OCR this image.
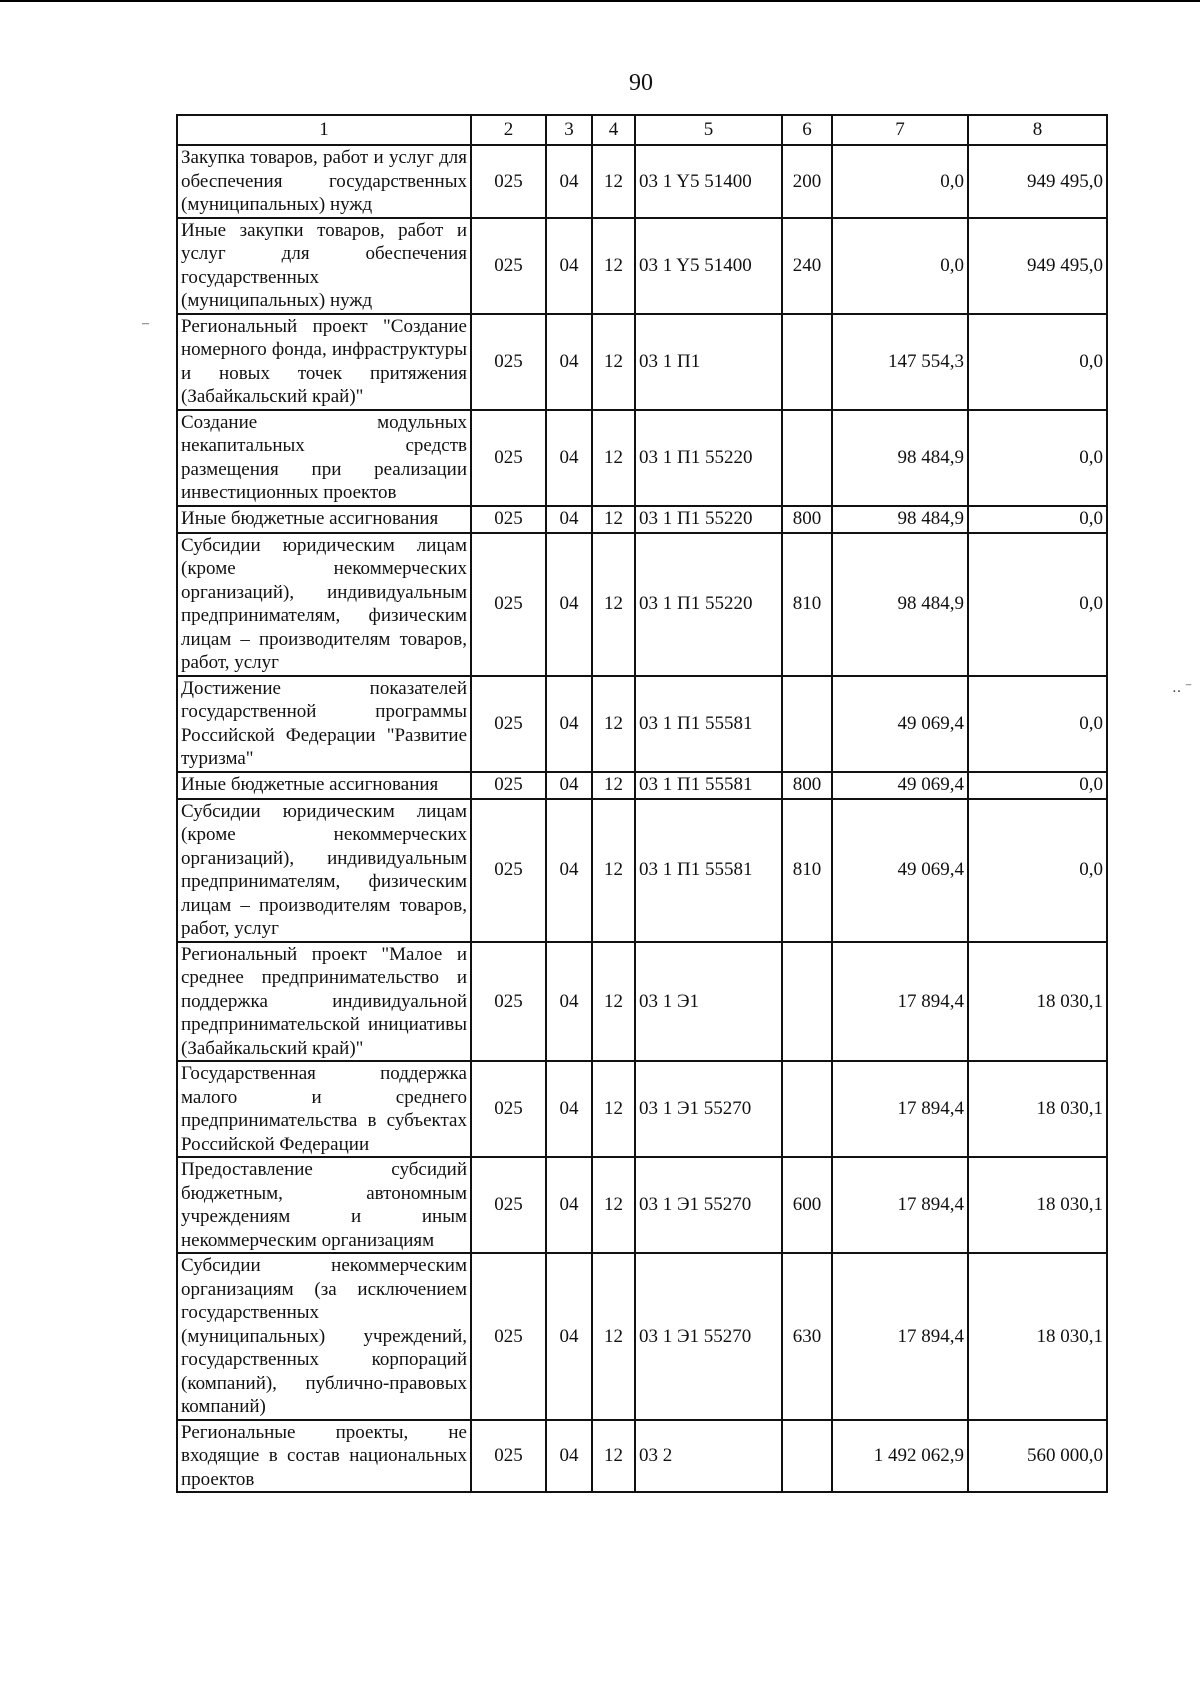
90
1	2	3	4	5	6	7	8
Закупка товаров, работ и услуг для обеспечения государственных (муниципальных) нужд	025	04	12	03 1 Y5 51400	200	0,0	949 495,0
Иные закупки товаров, работ и услуг для обеспечения государственных (муниципальных) нужд	025	04	12	03 1 Y5 51400	240	0,0	949 495,0
Региональный проект "Создание номерного фонда, инфраструктуры и новых точек притяжения (Забайкальский край)"	025	04	12	03 1 П1		147 554,3	0,0
Создание модульных некапитальных средств размещения при реализации инвестиционных проектов	025	04	12	03 1 П1 55220		98 484,9	0,0
Иные бюджетные ассигнования	025	04	12	03 1 П1 55220	800	98 484,9	0,0
Субсидии юридическим лицам (кроме некоммерческих организаций), индивидуальным предпринимателям, физическим лицам – производителям товаров, работ, услуг	025	04	12	03 1 П1 55220	810	98 484,9	0,0
Достижение показателей государственной программы Российской Федерации "Развитие туризма"	025	04	12	03 1 П1 55581		49 069,4	0,0
Иные бюджетные ассигнования	025	04	12	03 1 П1 55581	800	49 069,4	0,0
Субсидии юридическим лицам (кроме некоммерческих организаций), индивидуальным предпринимателям, физическим лицам – производителям товаров, работ, услуг	025	04	12	03 1 П1 55581	810	49 069,4	0,0
Региональный проект "Малое и среднее предпринимательство и поддержка индивидуальной предпринимательской инициативы (Забайкальский край)"	025	04	12	03 1 Э1		17 894,4	18 030,1
Государственная поддержка малого и среднего предпринимательства в субъектах Российской Федерации	025	04	12	03 1 Э1 55270		17 894,4	18 030,1
Предоставление субсидий бюджетным, автономным учреждениям и иным некоммерческим организациям	025	04	12	03 1 Э1 55270	600	17 894,4	18 030,1
Субсидии некоммерческим организациям (за исключением государственных (муниципальных) учреждений, государственных корпораций (компаний), публично-правовых компаний)	025	04	12	03 1 Э1 55270	630	17 894,4	18 030,1
Региональные проекты, не входящие в состав национальных проектов	025	04	12	03 2		1 492 062,9	560 000,0
–
‥ ⁻
